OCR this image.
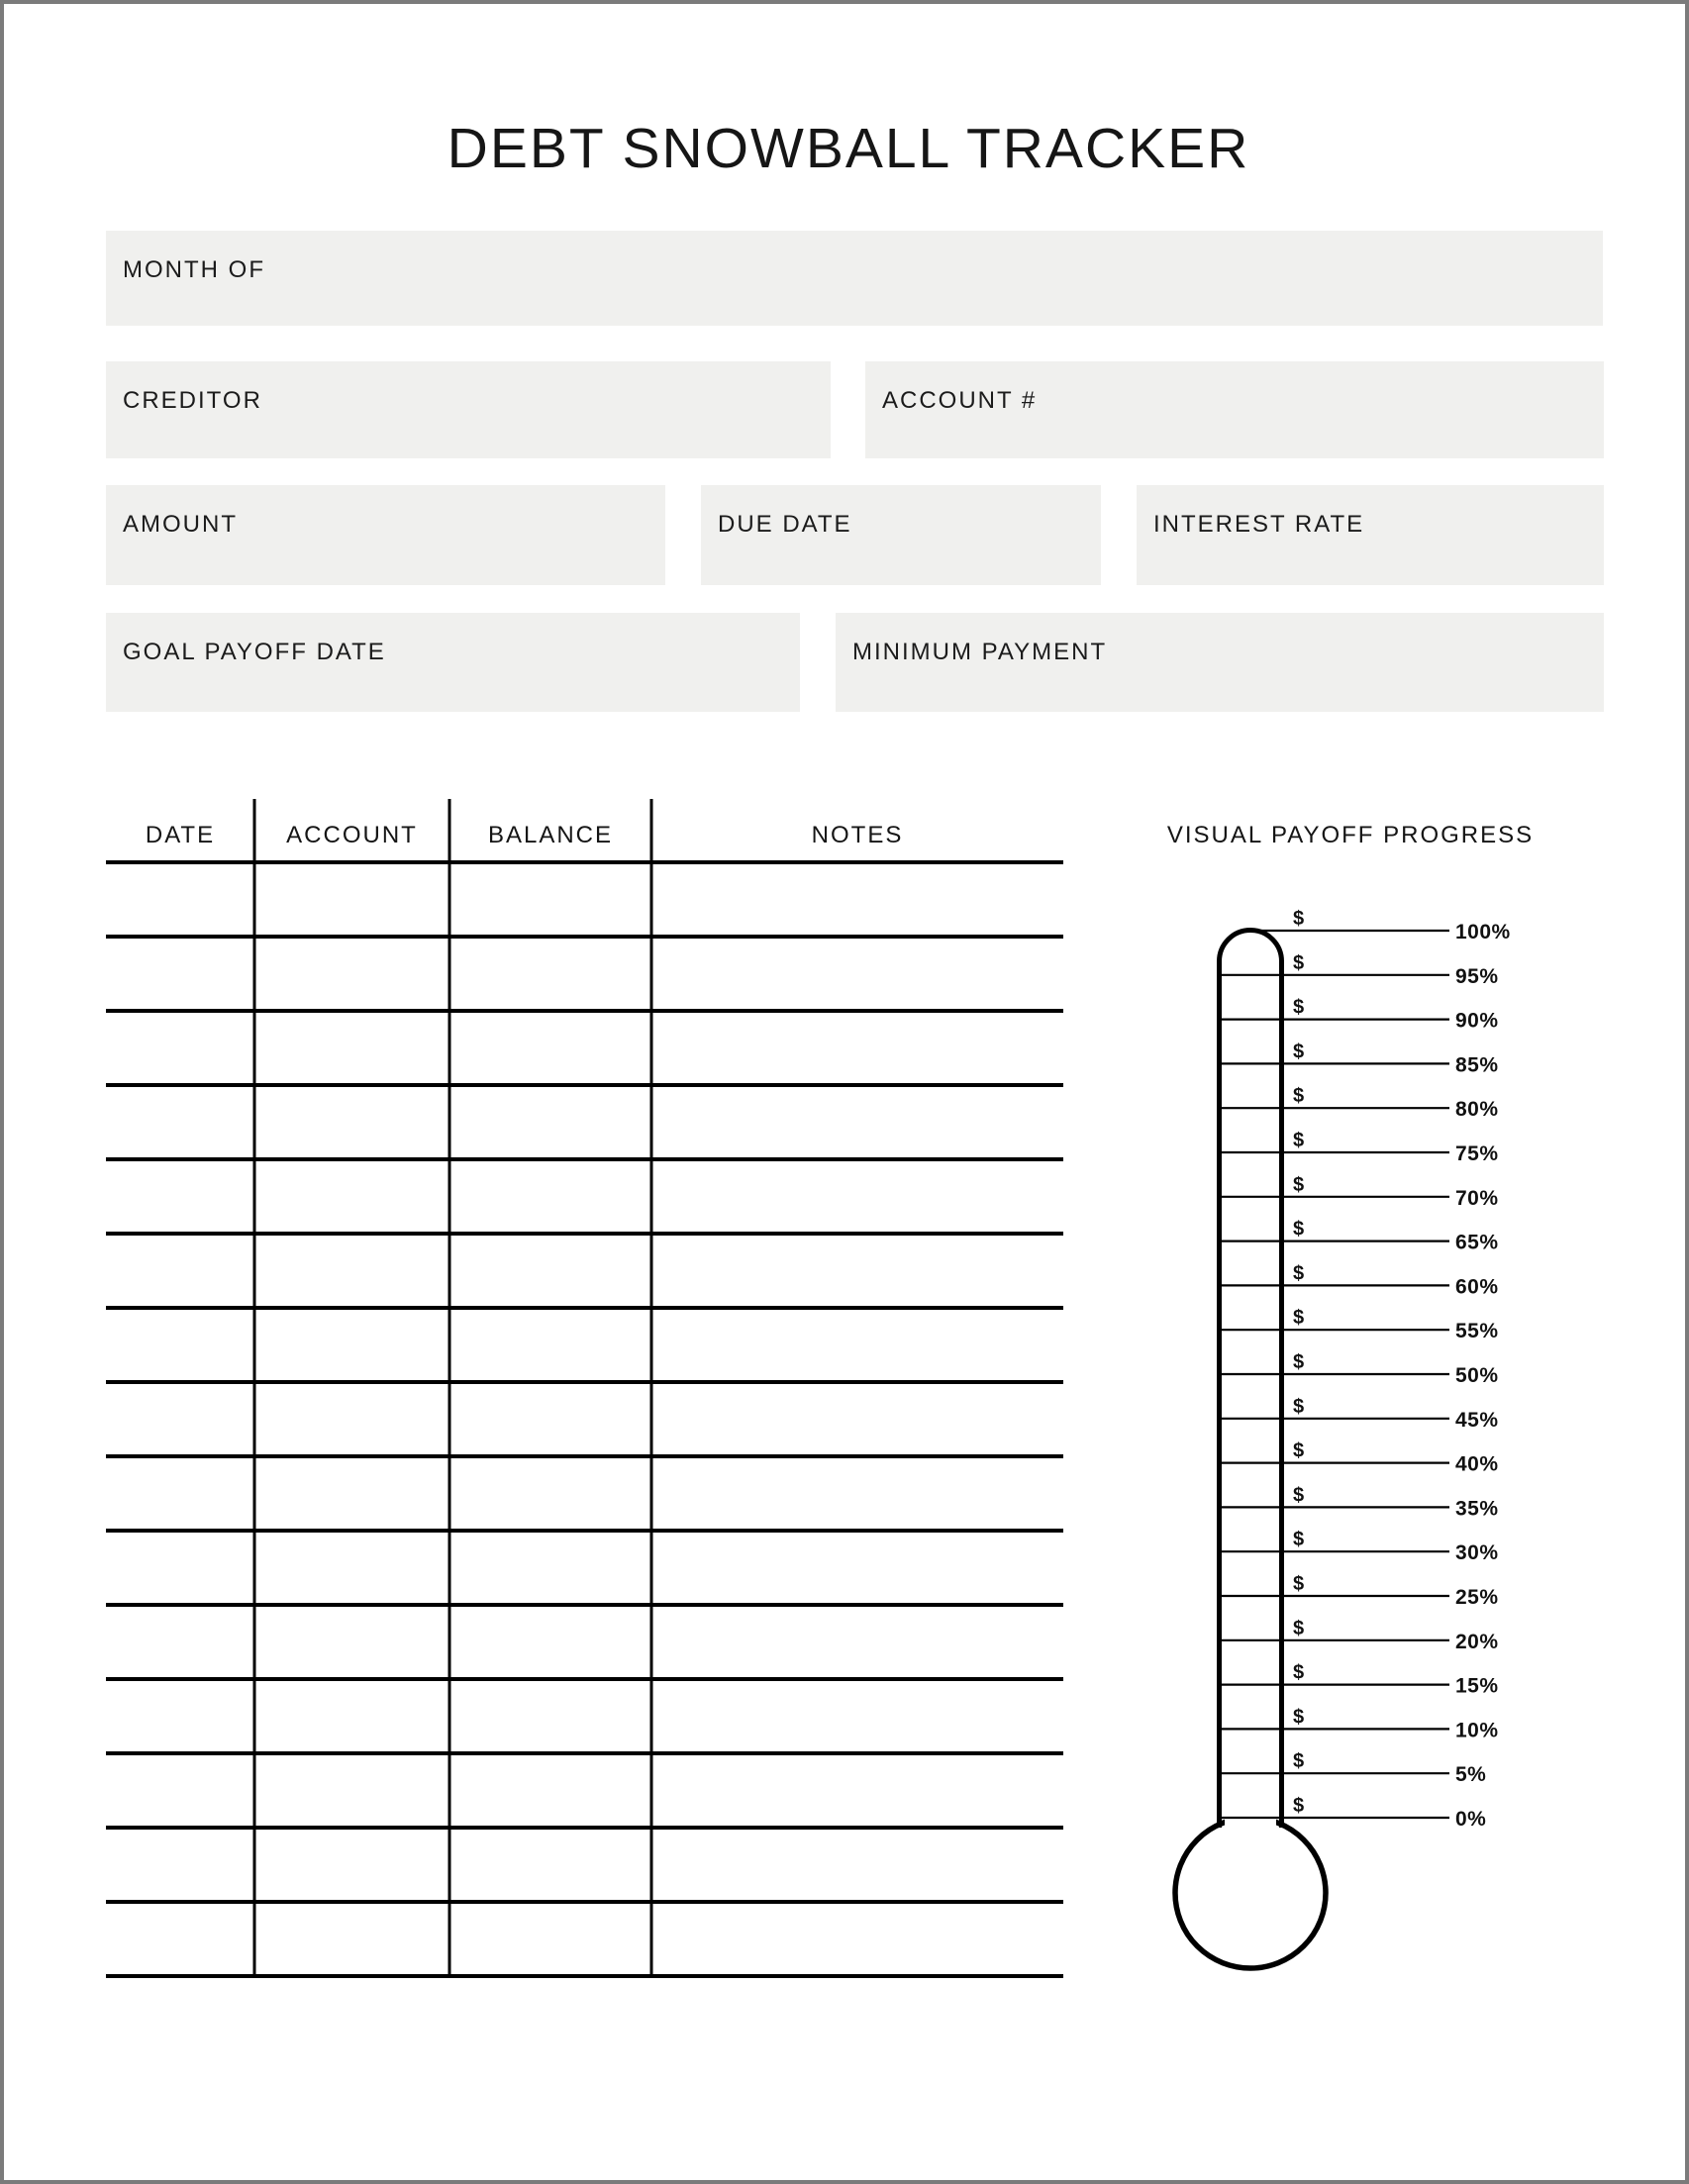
DEBT SNOWBALL TRACKER
MONTH OF
CREDITOR	ACCOUNT #
AMOUNT	DUE DATE	INTEREST RATE
GOAL PAYOFF DATE	MINIMUM PAYMENT
DATE	ACCOUNT	BALANCE	NOTES	VISUAL PAYOFF PROGRESS
$
100%
$
95%
$
90%
$
85%
$
80%
$
75%
$
70%
$
65%
$
60%
$
55%
$
50%
$
45%
$
40%
$
35%
$
30%
$
25%
$
20%
$
15%
$
10%
$
5%
$
0%
